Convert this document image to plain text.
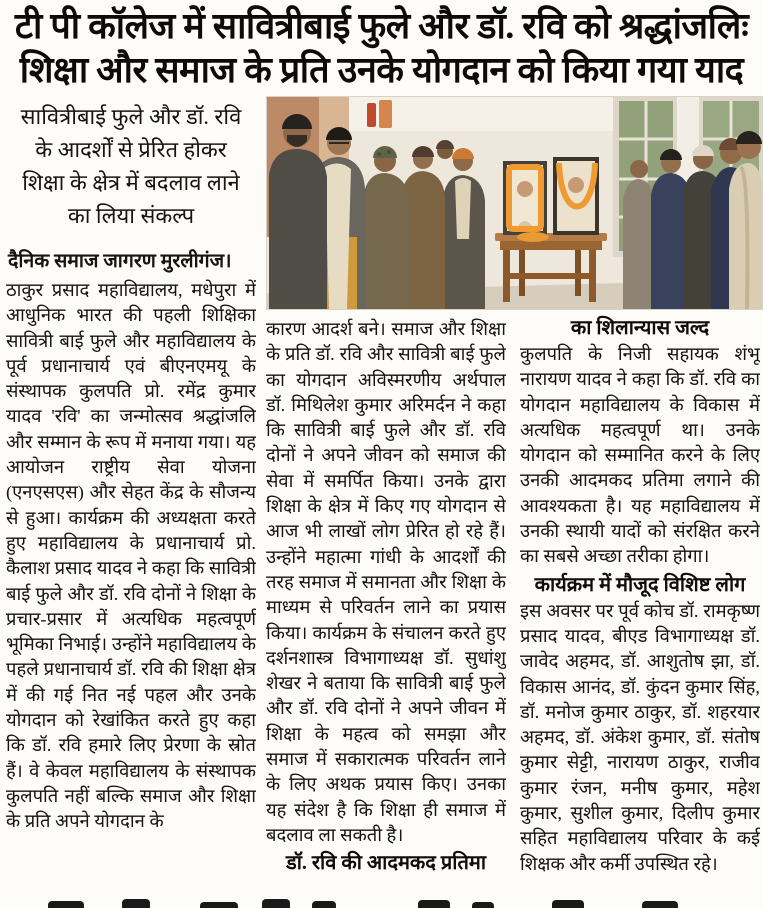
टी पी कॉलेज में सावित्रीबाई फुले और डॉ. रवि को श्रद्धांजलिः
शिक्षा और समाज के प्रति उनके योगदान को किया गया याद
सावित्रीबाई फुले और डॉ. रवि के आदर्शों से प्रेरित होकर शिक्षा के क्षेत्र में बदलाव लाने का लिया संकल्प
दैनिक समाज जागरण मुरलीगंज।

ठाकुर प्रसाद महाविद्यालय, मधेपुरा में आधुनिक भारत की पहली शिक्षिका सावित्री बाई फुले और महाविद्यालय के पूर्व प्रधानाचार्य एवं बीएनएमयू के संस्थापक कुलपति प्रो. रमेंद्र कुमार यादव 'रवि' का जन्मोत्सव श्रद्धांजलि और सम्मान के रूप में मनाया गया। यह आयोजन राष्ट्रीय सेवा योजना (एनएसएस) और सेहत केंद्र के सौजन्य से हुआ। कार्यक्रम की अध्यक्षता करते हुए महाविद्यालय के प्रधानाचार्य प्रो. कैलाश प्रसाद यादव ने कहा कि सावित्री बाई फुले और डॉ. रवि दोनों ने शिक्षा के प्रचार-प्रसार में अत्यधिक महत्वपूर्ण भूमिका निभाई। उन्होंने महाविद्यालय के पहले प्रधानाचार्य डॉ. रवि की शिक्षा क्षेत्र में की गई नित नई पहल और उनके योगदान को रेखांकित करते हुए कहा कि डॉ. रवि हमारे लिए प्रेरणा के स्रोत हैं। वे केवल महाविद्यालय के संस्थापक कुलपति नहीं बल्कि समाज और शिक्षा के प्रति अपने योगदान के

कारण आदर्श बने। समाज और शिक्षा के प्रति डॉ. रवि और सावित्री बाई फुले का योगदान अविस्मरणीय अर्थपाल डॉ. मिथिलेश कुमार अरिमर्दन ने कहा कि सावित्री बाई फुले और डॉ. रवि दोनों ने अपने जीवन को समाज की सेवा में समर्पित किया। उनके द्वारा शिक्षा के क्षेत्र में किए गए योगदान से आज भी लाखों लोग प्रेरित हो रहे हैं। उन्होंने महात्मा गांधी के आदर्शों की तरह समाज में समानता और शिक्षा के माध्यम से परिवर्तन लाने का प्रयास किया। कार्यक्रम के संचालन करते हुए दर्शनशास्त्र विभागाध्यक्ष डॉ. सुधांशु शेखर ने बताया कि सावित्री बाई फुले और डॉ. रवि दोनों ने अपने जीवन में शिक्षा के महत्व को समझा और समाज में सकारात्मक परिवर्तन लाने के लिए अथक प्रयास किए। उनका यह संदेश है कि शिक्षा ही समाज में बदलाव ला सकती है।

डॉ. रवि की आदमकद प्रतिमा
का शिलान्यास जल्द

कुलपति के निजी सहायक शंभू नारायण यादव ने कहा कि डॉ. रवि का योगदान महाविद्यालय के विकास में अत्यधिक महत्वपूर्ण था। उनके योगदान को सम्मानित करने के लिए उनकी आदमकद प्रतिमा लगाने की आवश्यकता है। यह महाविद्यालय में उनकी स्थायी यादों को संरक्षित करने का सबसे अच्छा तरीका होगा।

कार्यक्रम में मौजूद विशिष्ट लोग

इस अवसर पर पूर्व कोच डॉ. रामकृष्ण प्रसाद यादव, बीएड विभागाध्यक्ष डॉ. जावेद अहमद, डॉ. आशुतोष झा, डॉ. विकास आनंद, डॉ. कुंदन कुमार सिंह, डॉ. मनोज कुमार ठाकुर, डॉ. शहरयार अहमद, डॉ. अंकेश कुमार, डॉ. संतोष कुमार सेट्टी, नारायण ठाकुर, राजीव कुमार रंजन, मनीष कुमार, महेश कुमार, सुशील कुमार, दिलीप कुमार सहित महाविद्यालय परिवार के कई शिक्षक और कर्मी उपस्थित रहे।
